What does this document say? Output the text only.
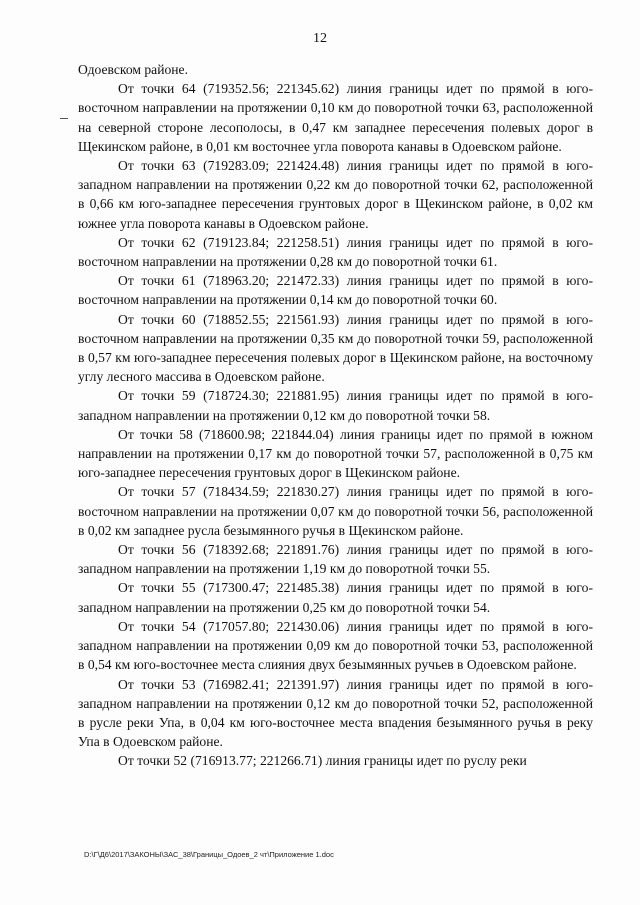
12

Одоевском районе.

От точки 64 (719352.56; 221345.62) линия границы идет по прямой в юго-восточном направлении на протяжении 0,10 км до поворотной точки 63, расположенной на северной стороне лесополосы, в 0,47 км западнее пересечения полевых дорог в Щекинском районе, в 0,01 км восточнее угла поворота канавы в Одоевском районе.

От точки 63 (719283.09; 221424.48) линия границы идет по прямой в юго-западном направлении на протяжении 0,22 км до поворотной точки 62, расположенной в 0,66 км юго-западнее пересечения грунтовых дорог в Щекинском районе, в 0,02 км южнее угла поворота канавы в Одоевском районе.

От точки 62 (719123.84; 221258.51) линия границы идет по прямой в юго-восточном направлении на протяжении 0,28 км до поворотной точки 61.

От точки 61 (718963.20; 221472.33) линия границы идет по прямой в юго-восточном направлении на протяжении 0,14 км до поворотной точки 60.

От точки 60 (718852.55; 221561.93) линия границы идет по прямой в юго-восточном направлении на протяжении 0,35 км до поворотной точки 59, расположенной в 0,57 км юго-западнее пересечения полевых дорог в Щекинском районе, на восточному углу лесного массива в Одоевском районе.

От точки 59 (718724.30; 221881.95) линия границы идет по прямой в юго-западном направлении на протяжении 0,12 км до поворотной точки 58.

От точки 58 (718600.98; 221844.04) линия границы идет по прямой в южном направлении на протяжении 0,17 км до поворотной точки 57, расположенной в 0,75 км юго-западнее пересечения грунтовых дорог в Щекинском районе.

От точки 57 (718434.59; 221830.27) линия границы идет по прямой в юго-восточном направлении на протяжении 0,07 км до поворотной точки 56, расположенной в 0,02 км западнее русла безымянного ручья в Щекинском районе.

От точки 56 (718392.68; 221891.76) линия границы идет по прямой в юго-западном направлении на протяжении 1,19 км до поворотной точки 55.

От точки 55 (717300.47; 221485.38) линия границы идет по прямой в юго-западном направлении на протяжении 0,25 км до поворотной точки 54.

От точки 54 (717057.80; 221430.06) линия границы идет по прямой в юго-западном направлении на протяжении 0,09 км до поворотной точки 53, расположенной в 0,54 км юго-восточнее места слияния двух безымянных ручьев в Одоевском районе.

От точки 53 (716982.41; 221391.97) линия границы идет по прямой в юго-западном направлении на протяжении 0,12 км до поворотной точки 52, расположенной в русле реки Упа, в 0,04 км юго-восточнее места впадения безымянного ручья в реку Упа в Одоевском районе.

От точки 52 (716913.77; 221266.71) линия границы идет по руслу реки

D:\Г\Д6\2017\ЗАКОНЫ\ЗАС_38\Границы_Одоев_2 чт\Приложение 1.doc
